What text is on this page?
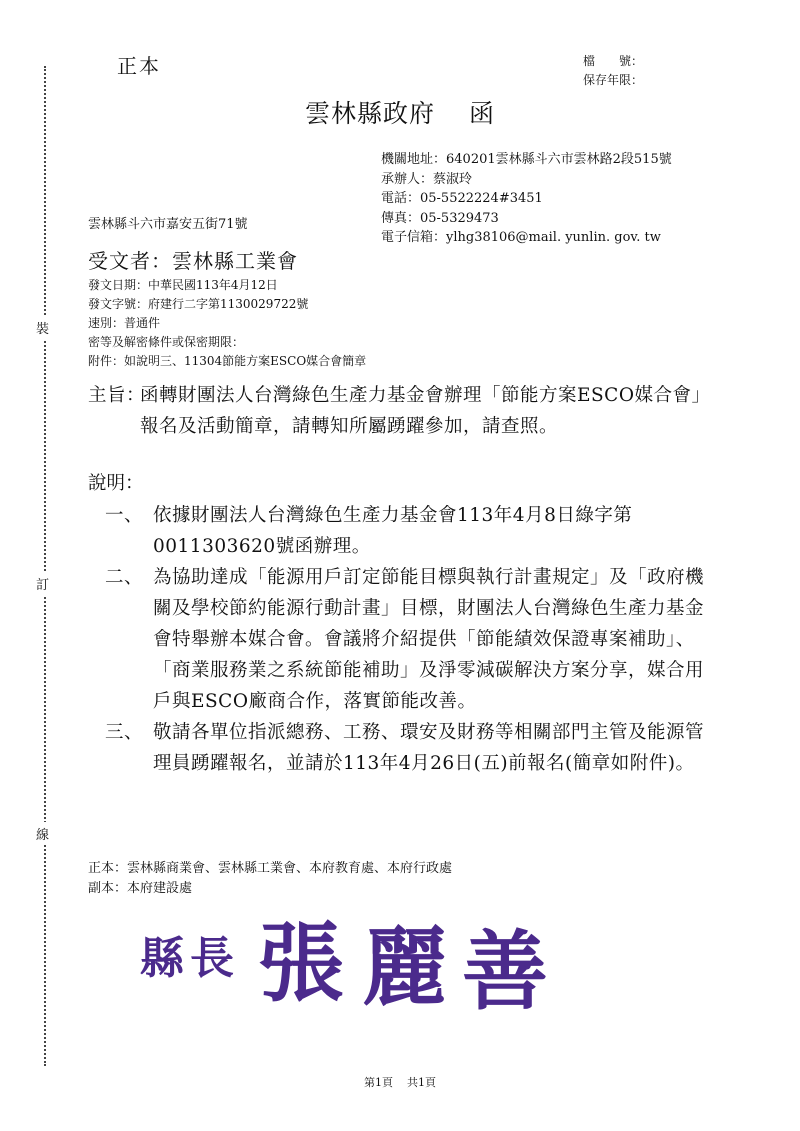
裝
訂
線
正本	檔　　號：
保存年限：
雲林縣政府 函
機關地址：640201雲林縣斗六市雲林路2段515號
承辦人：蔡淑玲
電話：05-5522224#3451
傳真：05-5329473
電子信箱：ylhg38106@mail. yunlin. gov. tw
雲林縣斗六市嘉安五街71號
受文者：雲林縣工業會
發文日期：中華民國113年4月12日
發文字號：府建行二字第1130029722號
速別：普通件
密等及解密條件或保密期限：
附件：如說明三、11304節能方案ESCO媒合會簡章
主旨：
函轉財團法人台灣綠色生產力基金會辦理「節能方案ESCO媒合會」報名及活動簡章，請轉知所屬踴躍參加，請查照。
說明：
一、 依據財團法人台灣綠色生產力基金會113年4月8日綠字第0011303620號函辦理。
二、 為協助達成「能源用戶訂定節能目標與執行計畫規定」及「政府機關及學校節約能源行動計畫」目標，財團法人台灣綠色生產力基金會特舉辦本媒合會。會議將介紹提供「節能績效保證專案補助」、「商業服務業之系統節能補助」及淨零減碳解決方案分享，媒合用戶與ESCO廠商合作，落實節能改善。
三、 敬請各單位指派總務、工務、環安及財務等相關部門主管及能源管理員踴躍報名，並請於113年4月26日(五)前報名(簡章如附件)。
正本：雲林縣商業會、雲林縣工業會、本府教育處、本府行政處
副本：本府建設處
縣 長 張 麗 善
第1頁 共1頁
